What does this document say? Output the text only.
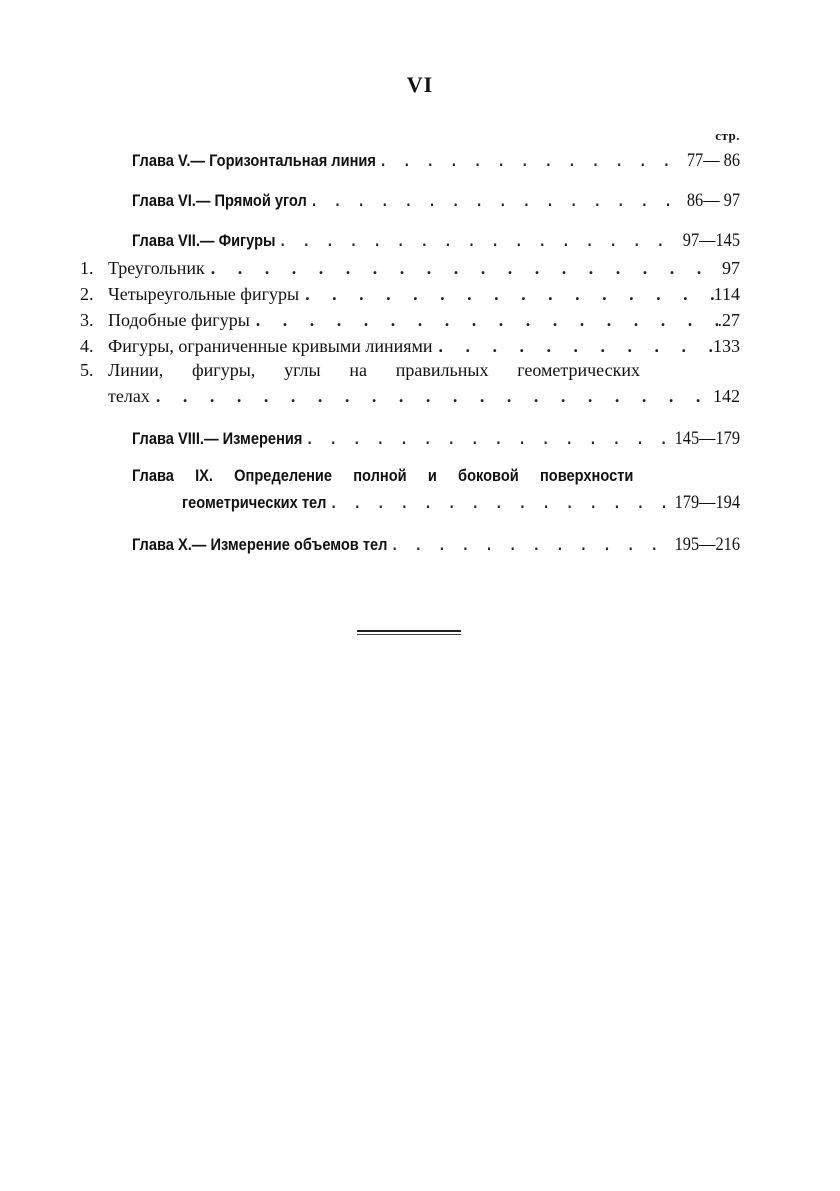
VI
стр.
Глава V.— Горизонтальная линия . . .	77— 86
Глава VI.— Прямой угол . . .	86— 97
Глава VII.— Фигуры . . .	97—145
1. Треугольник . . .	97
2. Четыреугольные фигуры . . .	114
3. Подобные фигуры . . .	.27
4. Фигуры, ограниченные кривыми линиями . . .	133
5. Линии, фигуры, углы на правильных геометрических
телах . . .	142
Глава VIII.— Измерения . . .	145—179
Глава IX. Определение полной и боковой поверхности
геометрических тел . . .	179—194
Глава X.— Измерение объемов тел . . .	195—216
